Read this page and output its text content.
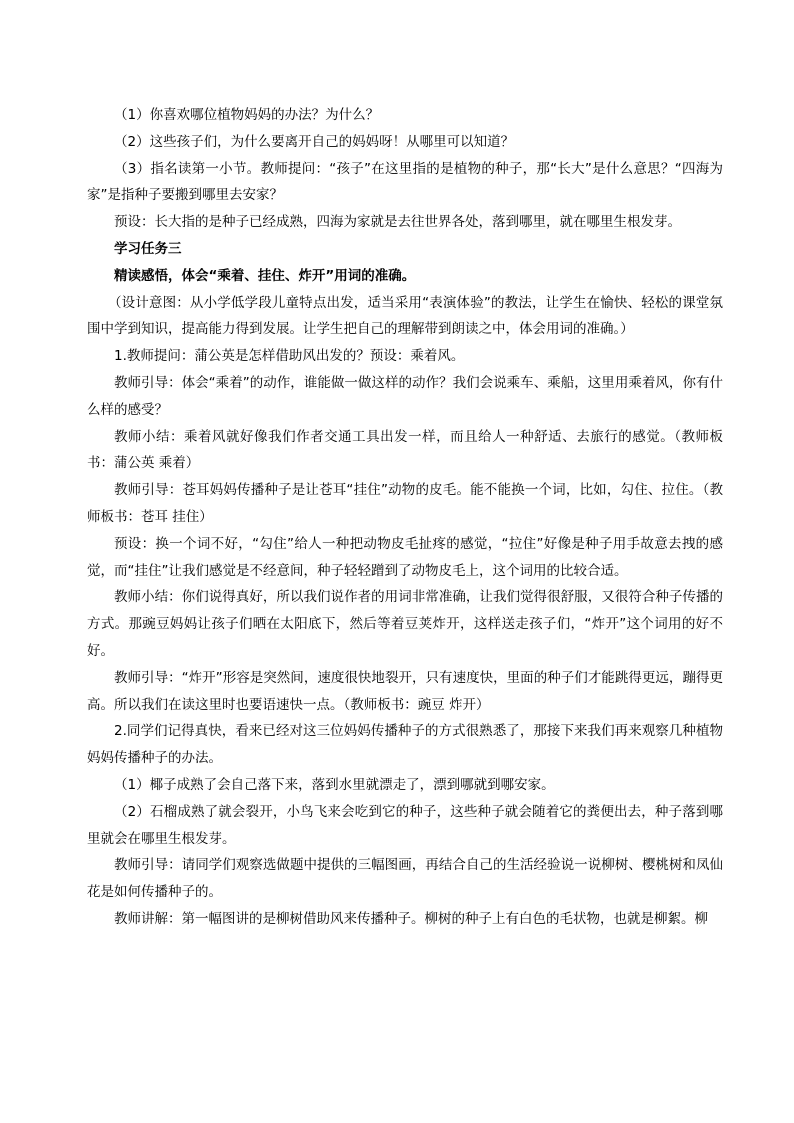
（1）你喜欢哪位植物妈妈的办法？为什么？

（2）这些孩子们，为什么要离开自己的妈妈呀！从哪里可以知道？

（3）指名读第一小节。教师提问：“孩子”在这里指的是植物的种子，那“长大”是什么意思？“四海为家”是指种子要搬到哪里去安家？

预设：长大指的是种子已经成熟，四海为家就是去往世界各处，落到哪里，就在哪里生根发芽。

学习任务三

精读感悟，体会“乘着、挂住、炸开”用词的准确。

（设计意图：从小学低学段儿童特点出发，适当采用“表演体验”的教法，让学生在愉快、轻松的课堂氛围中学到知识，提高能力得到发展。让学生把自己的理解带到朗读之中，体会用词的准确。）

1.教师提问：蒲公英是怎样借助风出发的？预设：乘着风。

教师引导：体会“乘着”的动作，谁能做一做这样的动作？我们会说乘车、乘船，这里用乘着风，你有什么样的感受？

教师小结：乘着风就好像我们作者交通工具出发一样，而且给人一种舒适、去旅行的感觉。（教师板书：蒲公英 乘着）

教师引导：苍耳妈妈传播种子是让苍耳“挂住”动物的皮毛。能不能换一个词，比如，勾住、拉住。（教师板书：苍耳 挂住）

预设：换一个词不好，“勾住”给人一种把动物皮毛扯疼的感觉，“拉住”好像是种子用手故意去拽的感觉，而“挂住”让我们感觉是不经意间，种子轻轻蹭到了动物皮毛上，这个词用的比较合适。

教师小结：你们说得真好，所以我们说作者的用词非常准确，让我们觉得很舒服，又很符合种子传播的方式。那豌豆妈妈让孩子们晒在太阳底下，然后等着豆荚炸开，这样送走孩子们，“炸开”这个词用的好不好。

教师引导：“炸开”形容是突然间，速度很快地裂开，只有速度快，里面的种子们才能跳得更远，蹦得更高。所以我们在读这里时也要语速快一点。（教师板书：豌豆 炸开）

2.同学们记得真快，看来已经对这三位妈妈传播种子的方式很熟悉了，那接下来我们再来观察几种植物妈妈传播种子的办法。

（1）椰子成熟了会自己落下来，落到水里就漂走了，漂到哪就到哪安家。

（2）石榴成熟了就会裂开，小鸟飞来会吃到它的种子，这些种子就会随着它的粪便出去，种子落到哪里就会在哪里生根发芽。

教师引导：请同学们观察选做题中提供的三幅图画，再结合自己的生活经验说一说柳树、樱桃树和凤仙花是如何传播种子的。

教师讲解：第一幅图讲的是柳树借助风来传播种子。柳树的种子上有白色的毛状物，也就是柳絮。柳
